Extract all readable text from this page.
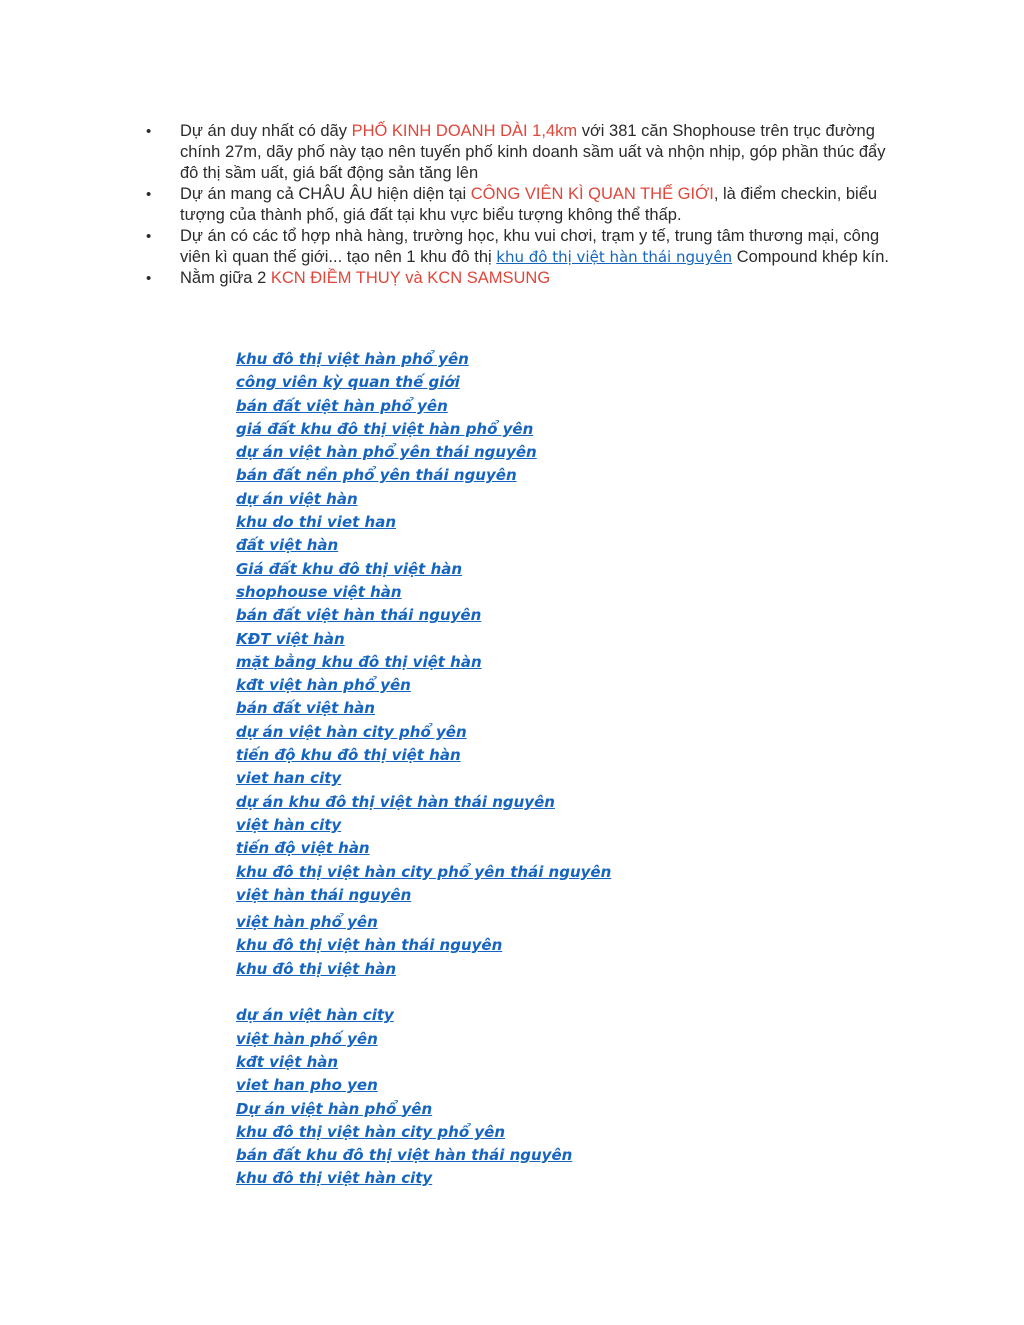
•	Dự án duy nhất có dãy PHỐ KINH DOANH DÀI 1,4km với 381 căn Shophouse trên trục đường chính 27m, dãy phố này tạo nên tuyến phố kinh doanh sầm uất và nhộn nhịp, góp phần thúc đẩy đô thị sầm uất, giá bất động sản tăng lên
•	Dự án mang cả CHÂU ÂU hiện diện tại CÔNG VIÊN KÌ QUAN THẾ GIỚI, là điểm checkin, biểu tượng của thành phố, giá đất tại khu vực biểu tượng không thể thấp.
•	Dự án có các tổ hợp nhà hàng, trường học, khu vui chơi, trạm y tế, trung tâm thương mại, công viên kì quan thế giới... tạo nên 1 khu đô thị khu đô thị việt hàn thái nguyên Compound khép kín.
•	Nằm giữa 2 KCN ĐIỀM THUỴ và KCN SAMSUNG
khu đô thị việt hàn phổ yên
công viên kỳ quan thế giới
bán đất việt hàn phổ yên
giá đất khu đô thị việt hàn phổ yên
dự án việt hàn phổ yên thái nguyên
bán đất nền phổ yên thái nguyên
dự án việt hàn
khu do thi viet han
đất việt hàn
Giá đất khu đô thị việt hàn
shophouse việt hàn
bán đất việt hàn thái nguyên
KĐT việt hàn
mặt bằng khu đô thị việt hàn
kđt việt hàn phổ yên
bán đất việt hàn
dự án việt hàn city phổ yên
tiến độ khu đô thị việt hàn
viet han city
dự án khu đô thị việt hàn thái nguyên
việt hàn city
tiến độ việt hàn
khu đô thị việt hàn city phổ yên thái nguyên
việt hàn thái nguyên
việt hàn phổ yên
khu đô thị việt hàn thái nguyên
khu đô thị việt hàn
dự án việt hàn city
việt hàn phố yên
kđt việt hàn
viet han pho yen
Dự án việt hàn phổ yên
khu đô thị việt hàn city phổ yên
bán đất khu đô thị việt hàn thái nguyên
khu đô thị việt hàn city
